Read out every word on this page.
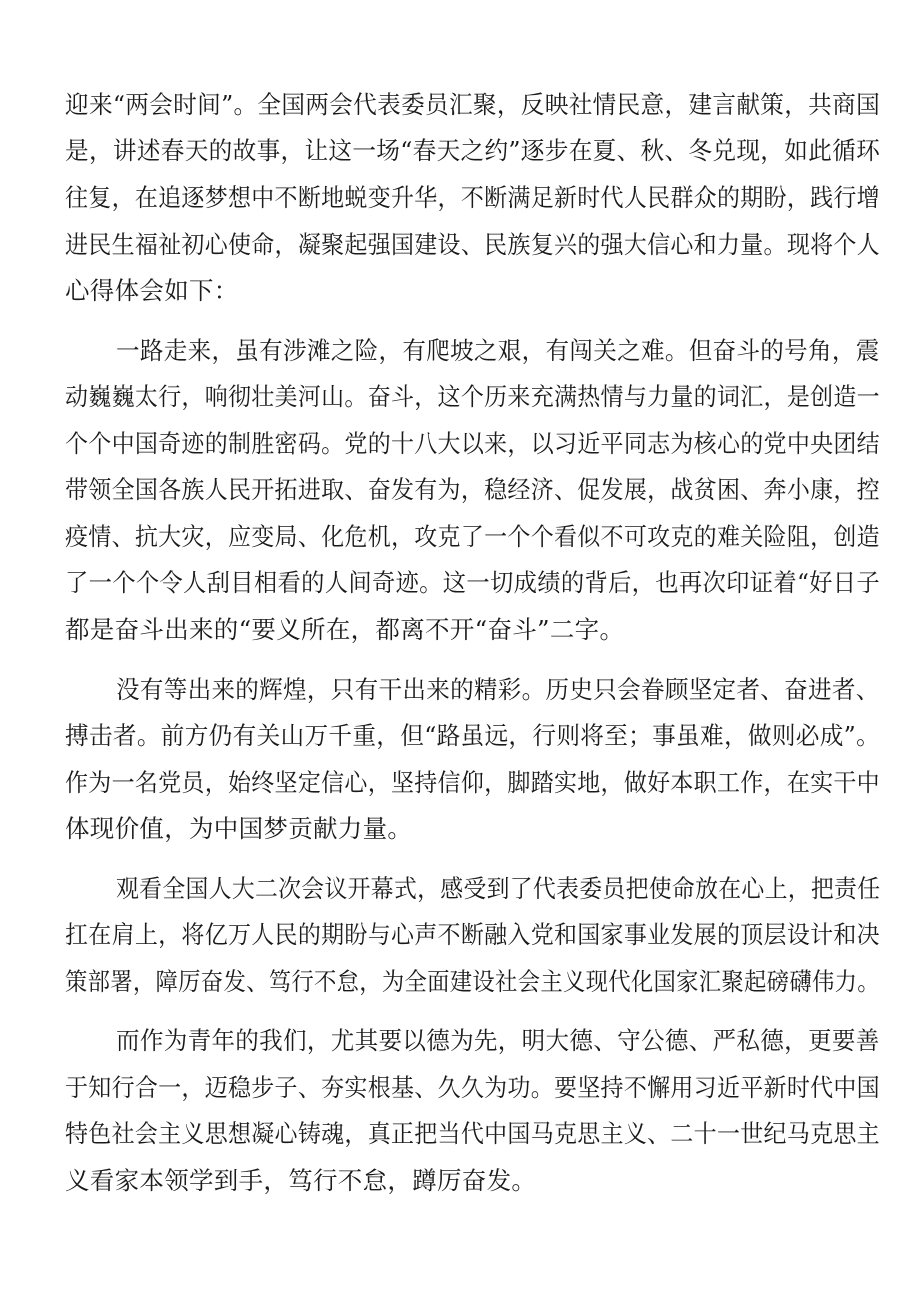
迎来“两会时间”。全国两会代表委员汇聚，反映社情民意，建言献策，共商国
是，讲述春天的故事，让这一场“春天之约”逐步在夏、秋、冬兑现，如此循环
往复，在追逐梦想中不断地蜕变升华，不断满足新时代人民群众的期盼，践行增
进民生福祉初心使命，凝聚起强国建设、民族复兴的强大信心和力量。现将个人
心得体会如下：
一路走来，虽有涉滩之险，有爬坡之艰，有闯关之难。但奋斗的号角，震
动巍巍太行，响彻壮美河山。奋斗，这个历来充满热情与力量的词汇，是创造一
个个中国奇迹的制胜密码。党的十八大以来，以习近平同志为核心的党中央团结
带领全国各族人民开拓进取、奋发有为，稳经济、促发展，战贫困、奔小康，控
疫情、抗大灾，应变局、化危机，攻克了一个个看似不可攻克的难关险阻，创造
了一个个令人刮目相看的人间奇迹。这一切成绩的背后，也再次印证着“好日子
都是奋斗出来的“要义所在，都离不开“奋斗”二字。
没有等出来的辉煌，只有干出来的精彩。历史只会眷顾坚定者、奋进者、
搏击者。前方仍有关山万千重，但“路虽远，行则将至；事虽难，做则必成”。
作为一名党员，始终坚定信心，坚持信仰，脚踏实地，做好本职工作，在实干中
体现价值，为中国梦贡献力量。
观看全国人大二次会议开幕式，感受到了代表委员把使命放在心上，把责任
扛在肩上，将亿万人民的期盼与心声不断融入党和国家事业发展的顶层设计和决
策部署，障厉奋发、笃行不怠，为全面建设社会主义现代化国家汇聚起磅礴伟力。
而作为青年的我们，尤其要以德为先，明大德、守公德、严私德，更要善
于知行合一，迈稳步子、夯实根基、久久为功。要坚持不懈用习近平新时代中国
特色社会主义思想凝心铸魂，真正把当代中国马克思主义、二十一世纪马克思主
义看家本领学到手，笃行不怠，蹲厉奋发。
